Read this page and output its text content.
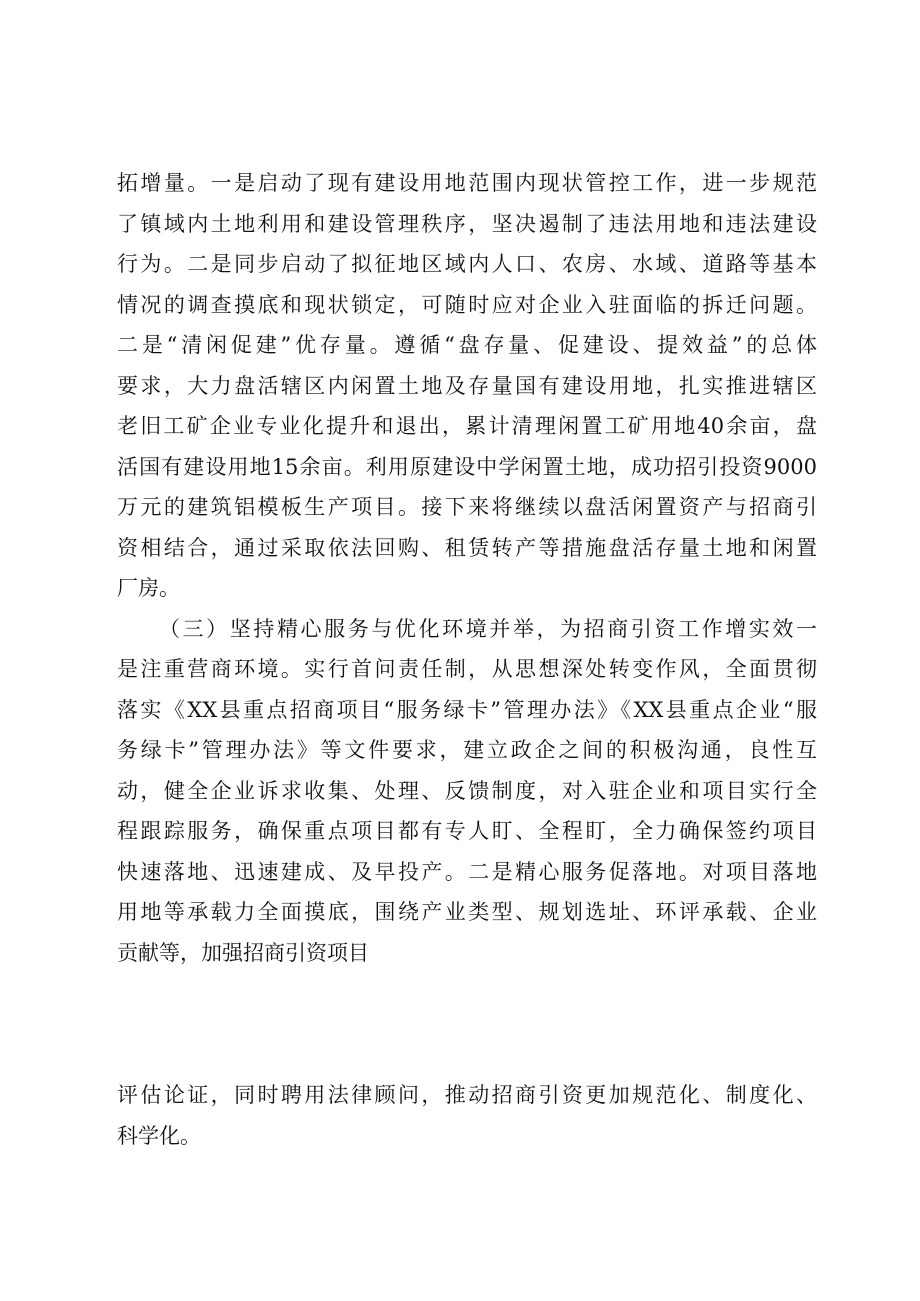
拓增量。一是启动了现有建设用地范围内现状管控工作，进一步规范
了镇域内土地利用和建设管理秩序，坚决遏制了违法用地和违法建设
行为。二是同步启动了拟征地区域内人口、农房、水域、道路等基本
情况的调查摸底和现状锁定，可随时应对企业入驻面临的拆迁问题。
二是“清闲促建”优存量。遵循“盘存量、促建设、提效益”的总体
要求，大力盘活辖区内闲置土地及存量国有建设用地，扎实推进辖区
老旧工矿企业专业化提升和退出，累计清理闲置工矿用地40余亩，盘
活国有建设用地15余亩。利用原建设中学闲置土地，成功招引投资9000
万元的建筑铝模板生产项目。接下来将继续以盘活闲置资产与招商引
资相结合，通过采取依法回购、租赁转产等措施盘活存量土地和闲置
厂房。
（三）坚持精心服务与优化环境并举，为招商引资工作增实效一
是注重营商环境。实行首问责任制，从思想深处转变作风，全面贯彻
落实《XX县重点招商项目“服务绿卡”管理办法》《XX县重点企业“服
务绿卡”管理办法》等文件要求，建立政企之间的积极沟通，良性互
动，健全企业诉求收集、处理、反馈制度，对入驻企业和项目实行全
程跟踪服务，确保重点项目都有专人盯、全程盯，全力确保签约项目
快速落地、迅速建成、及早投产。二是精心服务促落地。对项目落地
用地等承载力全面摸底，围绕产业类型、规划选址、环评承载、企业
贡献等，加强招商引资项目
评估论证，同时聘用法律顾问，推动招商引资更加规范化、制度化、
科学化。
